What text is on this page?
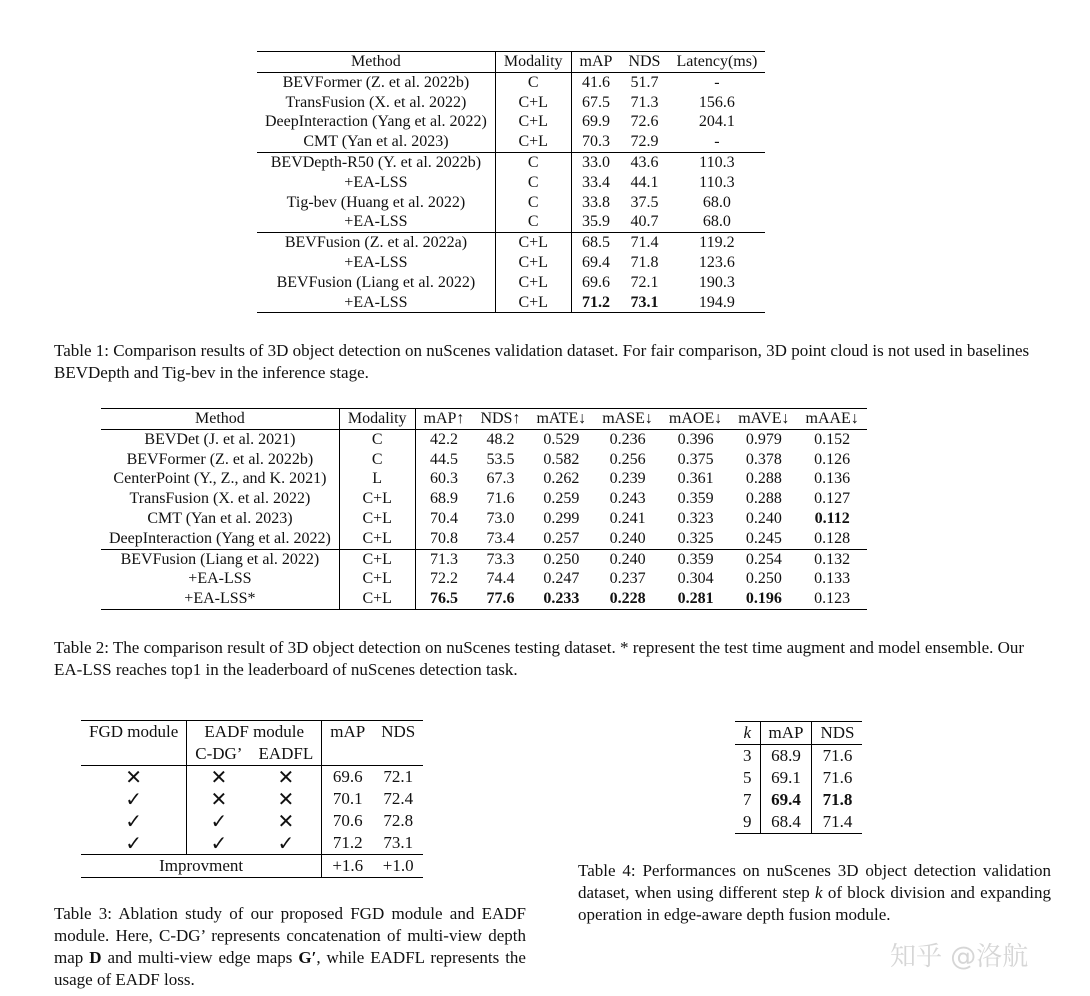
Method	Modality	mAP	NDS	Latency(ms)
BEVFormer (Z. et al. 2022b)	C	41.6	51.7	-
TransFusion (X. et al. 2022)	C+L	67.5	71.3	156.6
DeepInteraction (Yang et al. 2022)	C+L	69.9	72.6	204.1
CMT (Yan et al. 2023)	C+L	70.3	72.9	-
BEVDepth-R50 (Y. et al. 2022b)	C	33.0	43.6	110.3
+EA-LSS	C	33.4	44.1	110.3
Tig-bev (Huang et al. 2022)	C	33.8	37.5	68.0
+EA-LSS	C	35.9	40.7	68.0
BEVFusion (Z. et al. 2022a)	C+L	68.5	71.4	119.2
+EA-LSS	C+L	69.4	71.8	123.6
BEVFusion (Liang et al. 2022)	C+L	69.6	72.1	190.3
+EA-LSS	C+L	71.2	73.1	194.9
Table 1: Comparison results of 3D object detection on nuScenes validation dataset. For fair comparison, 3D point cloud is not used in baselines BEVDepth and Tig-bev in the inference stage.
Method	Modality	mAP↑	NDS↑	mATE↓	mASE↓	mAOE↓	mAVE↓	mAAE↓
BEVDet (J. et al. 2021)	C	42.2	48.2	0.529	0.236	0.396	0.979	0.152
BEVFormer (Z. et al. 2022b)	C	44.5	53.5	0.582	0.256	0.375	0.378	0.126
CenterPoint (Y., Z., and K. 2021)	L	60.3	67.3	0.262	0.239	0.361	0.288	0.136
TransFusion (X. et al. 2022)	C+L	68.9	71.6	0.259	0.243	0.359	0.288	0.127
CMT (Yan et al. 2023)	C+L	70.4	73.0	0.299	0.241	0.323	0.240	0.112
DeepInteraction (Yang et al. 2022)	C+L	70.8	73.4	0.257	0.240	0.325	0.245	0.128
BEVFusion (Liang et al. 2022)	C+L	71.3	73.3	0.250	0.240	0.359	0.254	0.132
+EA-LSS	C+L	72.2	74.4	0.247	0.237	0.304	0.250	0.133
+EA-LSS*	C+L	76.5	77.6	0.233	0.228	0.281	0.196	0.123
Table 2: The comparison result of 3D object detection on nuScenes testing dataset. * represent the test time augment and model ensemble. Our EA-LSS reaches top1 in the leaderboard of nuScenes detection task.
FGD module	EADF module		mAP	NDS
	C-DG’	EADFL		
✕	✕	✕	69.6	72.1
✓	✕	✕	70.1	72.4
✓	✓	✕	70.6	72.8
✓	✓	✓	71.2	73.1
Improvment			+1.6	+1.0
Table 3: Ablation study of our proposed FGD module and EADF module. Here, C-DG’ represents concatenation of multi-view depth map D and multi-view edge maps G′, while EADFL represents the usage of EADF loss.
k	mAP	NDS
3	68.9	71.6
5	69.1	71.6
7	69.4	71.8
9	68.4	71.4
Table 4: Performances on nuScenes 3D object detection validation dataset, when using different step k of block division and expanding operation in edge-aware depth fusion module.
知乎 @洛航
